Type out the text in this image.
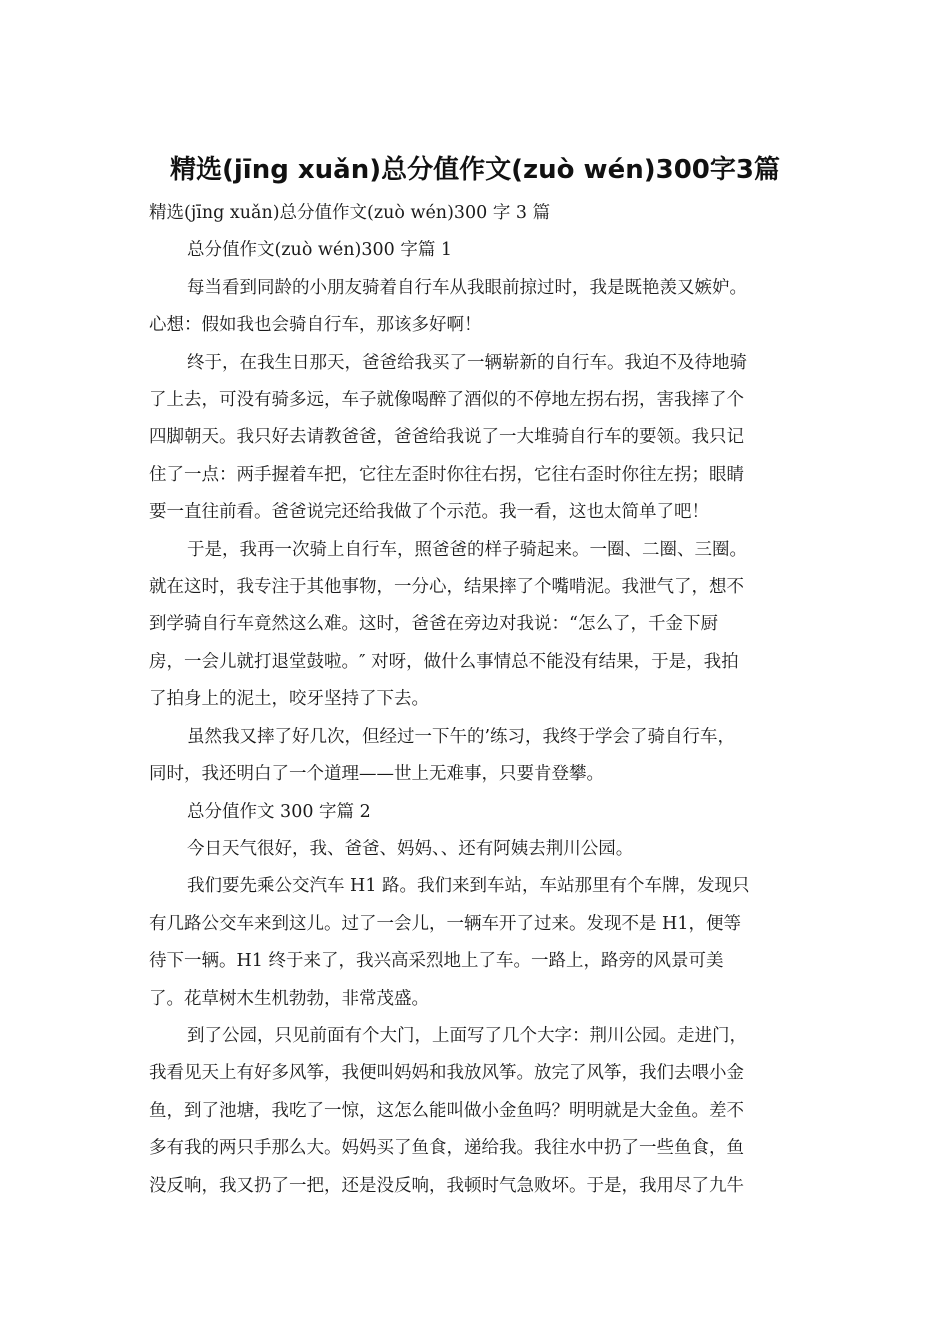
精选(jīng xuǎn)总分值作文(zuò wén)300字3篇

精选(jīng xuǎn)总分值作文(zuò wén)300 字 3 篇

总分值作文(zuò wén)300 字篇 1

每当看到同龄的小朋友骑着自行车从我眼前掠过时，我是既艳羡又嫉妒。
心想：假如我也会骑自行车，那该多好啊！

终于，在我生日那天，爸爸给我买了一辆崭新的自行车。我迫不及待地骑
了上去，可没有骑多远，车子就像喝醉了酒似的不停地左拐右拐，害我摔了个
四脚朝天。我只好去请教爸爸，爸爸给我说了一大堆骑自行车的要领。我只记
住了一点：两手握着车把，它往左歪时你往右拐，它往右歪时你往左拐；眼睛
要一直往前看。爸爸说完还给我做了个示范。我一看，这也太简单了吧！

于是，我再一次骑上自行车，照爸爸的样子骑起来。一圈、二圈、三圈。
就在这时，我专注于其他事物，一分心，结果摔了个嘴啃泥。我泄气了，想不
到学骑自行车竟然这么难。这时，爸爸在旁边对我说：“怎么了，千金下厨
房，一会儿就打退堂鼓啦。″ 对呀，做什么事情总不能没有结果，于是，我拍
了拍身上的泥土，咬牙坚持了下去。

虽然我又摔了好几次，但经过一下午的’练习，我终于学会了骑自行车，
同时，我还明白了一个道理——世上无难事，只要肯登攀。

总分值作文 300 字篇 2

今日天气很好，我、爸爸、妈妈、、还有阿姨去荆川公园。

我们要先乘公交汽车 H1 路。我们来到车站，车站那里有个车牌，发现只
有几路公交车来到这儿。过了一会儿，一辆车开了过来。发现不是 H1，便等
待下一辆。H1 终于来了，我兴高采烈地上了车。一路上，路旁的风景可美
了。花草树木生机勃勃，非常茂盛。

到了公园，只见前面有个大门，上面写了几个大字：荆川公园。走进门，
我看见天上有好多风筝，我便叫妈妈和我放风筝。放完了风筝，我们去喂小金
鱼，到了池塘，我吃了一惊，这怎么能叫做小金鱼吗？明明就是大金鱼。差不
多有我的两只手那么大。妈妈买了鱼食，递给我。我往水中扔了一些鱼食，鱼
没反响，我又扔了一把，还是没反响，我顿时气急败坏。于是，我用尽了九牛
